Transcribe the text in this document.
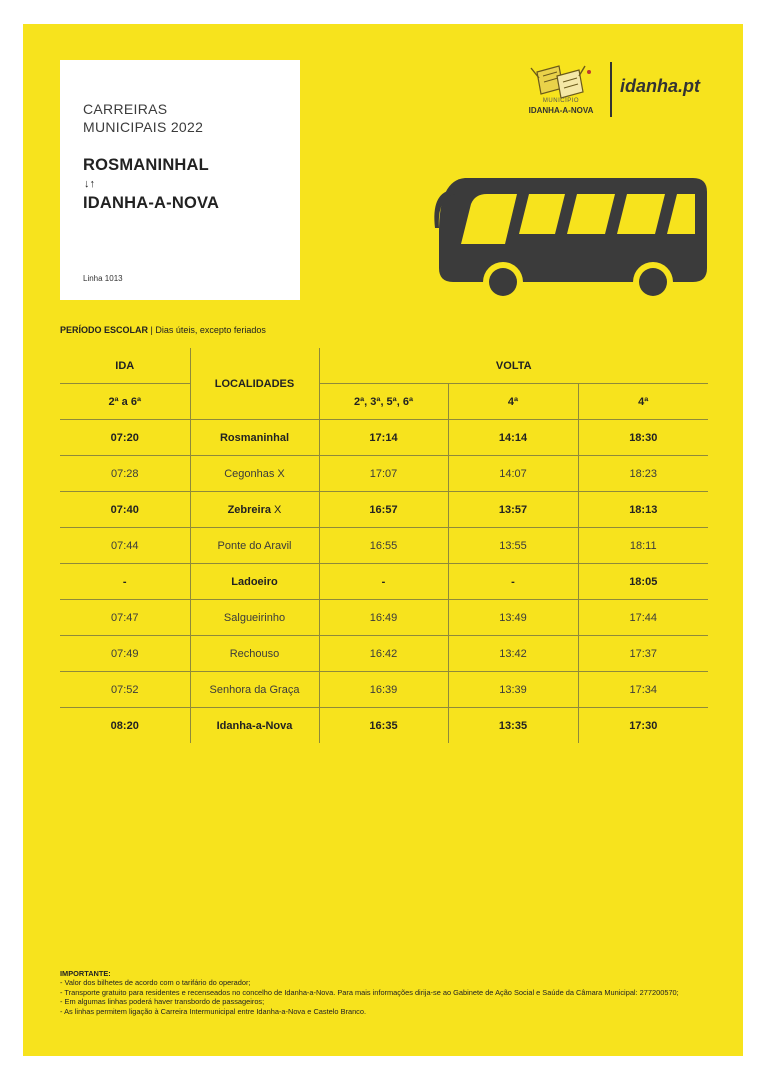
CARREIRAS
MUNICIPAIS 2022
ROSMANINHAL
↓↑
IDANHA-A-NOVA
Linha 1013
MUNICÍPIO
IDANHA-A-NOVA
idanha.pt
PERÍODO ESCOLAR | Dias úteis, excepto feriados
IDA	LOCALIDADES	VOLTA		
2ª a 6ª		2ª, 3ª, 5ª, 6ª	4ª	4ª
07:20	Rosmaninhal	17:14	14:14	18:30
07:28	Cegonhas X	17:07	14:07	18:23
07:40	Zebreira X	16:57	13:57	18:13
07:44	Ponte do Aravil	16:55	13:55	18:11
-	Ladoeiro	-	-	18:05
07:47	Salgueirinho	16:49	13:49	17:44
07:49	Rechouso	16:42	13:42	17:37
07:52	Senhora da Graça	16:39	13:39	17:34
08:20	Idanha-a-Nova	16:35	13:35	17:30
IMPORTANTE:
- Valor dos bilhetes de acordo com o tarifário do operador;
- Transporte gratuito para residentes e recenseados no concelho de Idanha-a-Nova. Para mais informações dirija-se ao Gabinete de Ação Social e Saúde da Câmara Municipal: 277200570;
- Em algumas linhas poderá haver transbordo de passageiros;
- As linhas permitem ligação à Carreira Intermunicipal entre Idanha-a-Nova e Castelo Branco.
